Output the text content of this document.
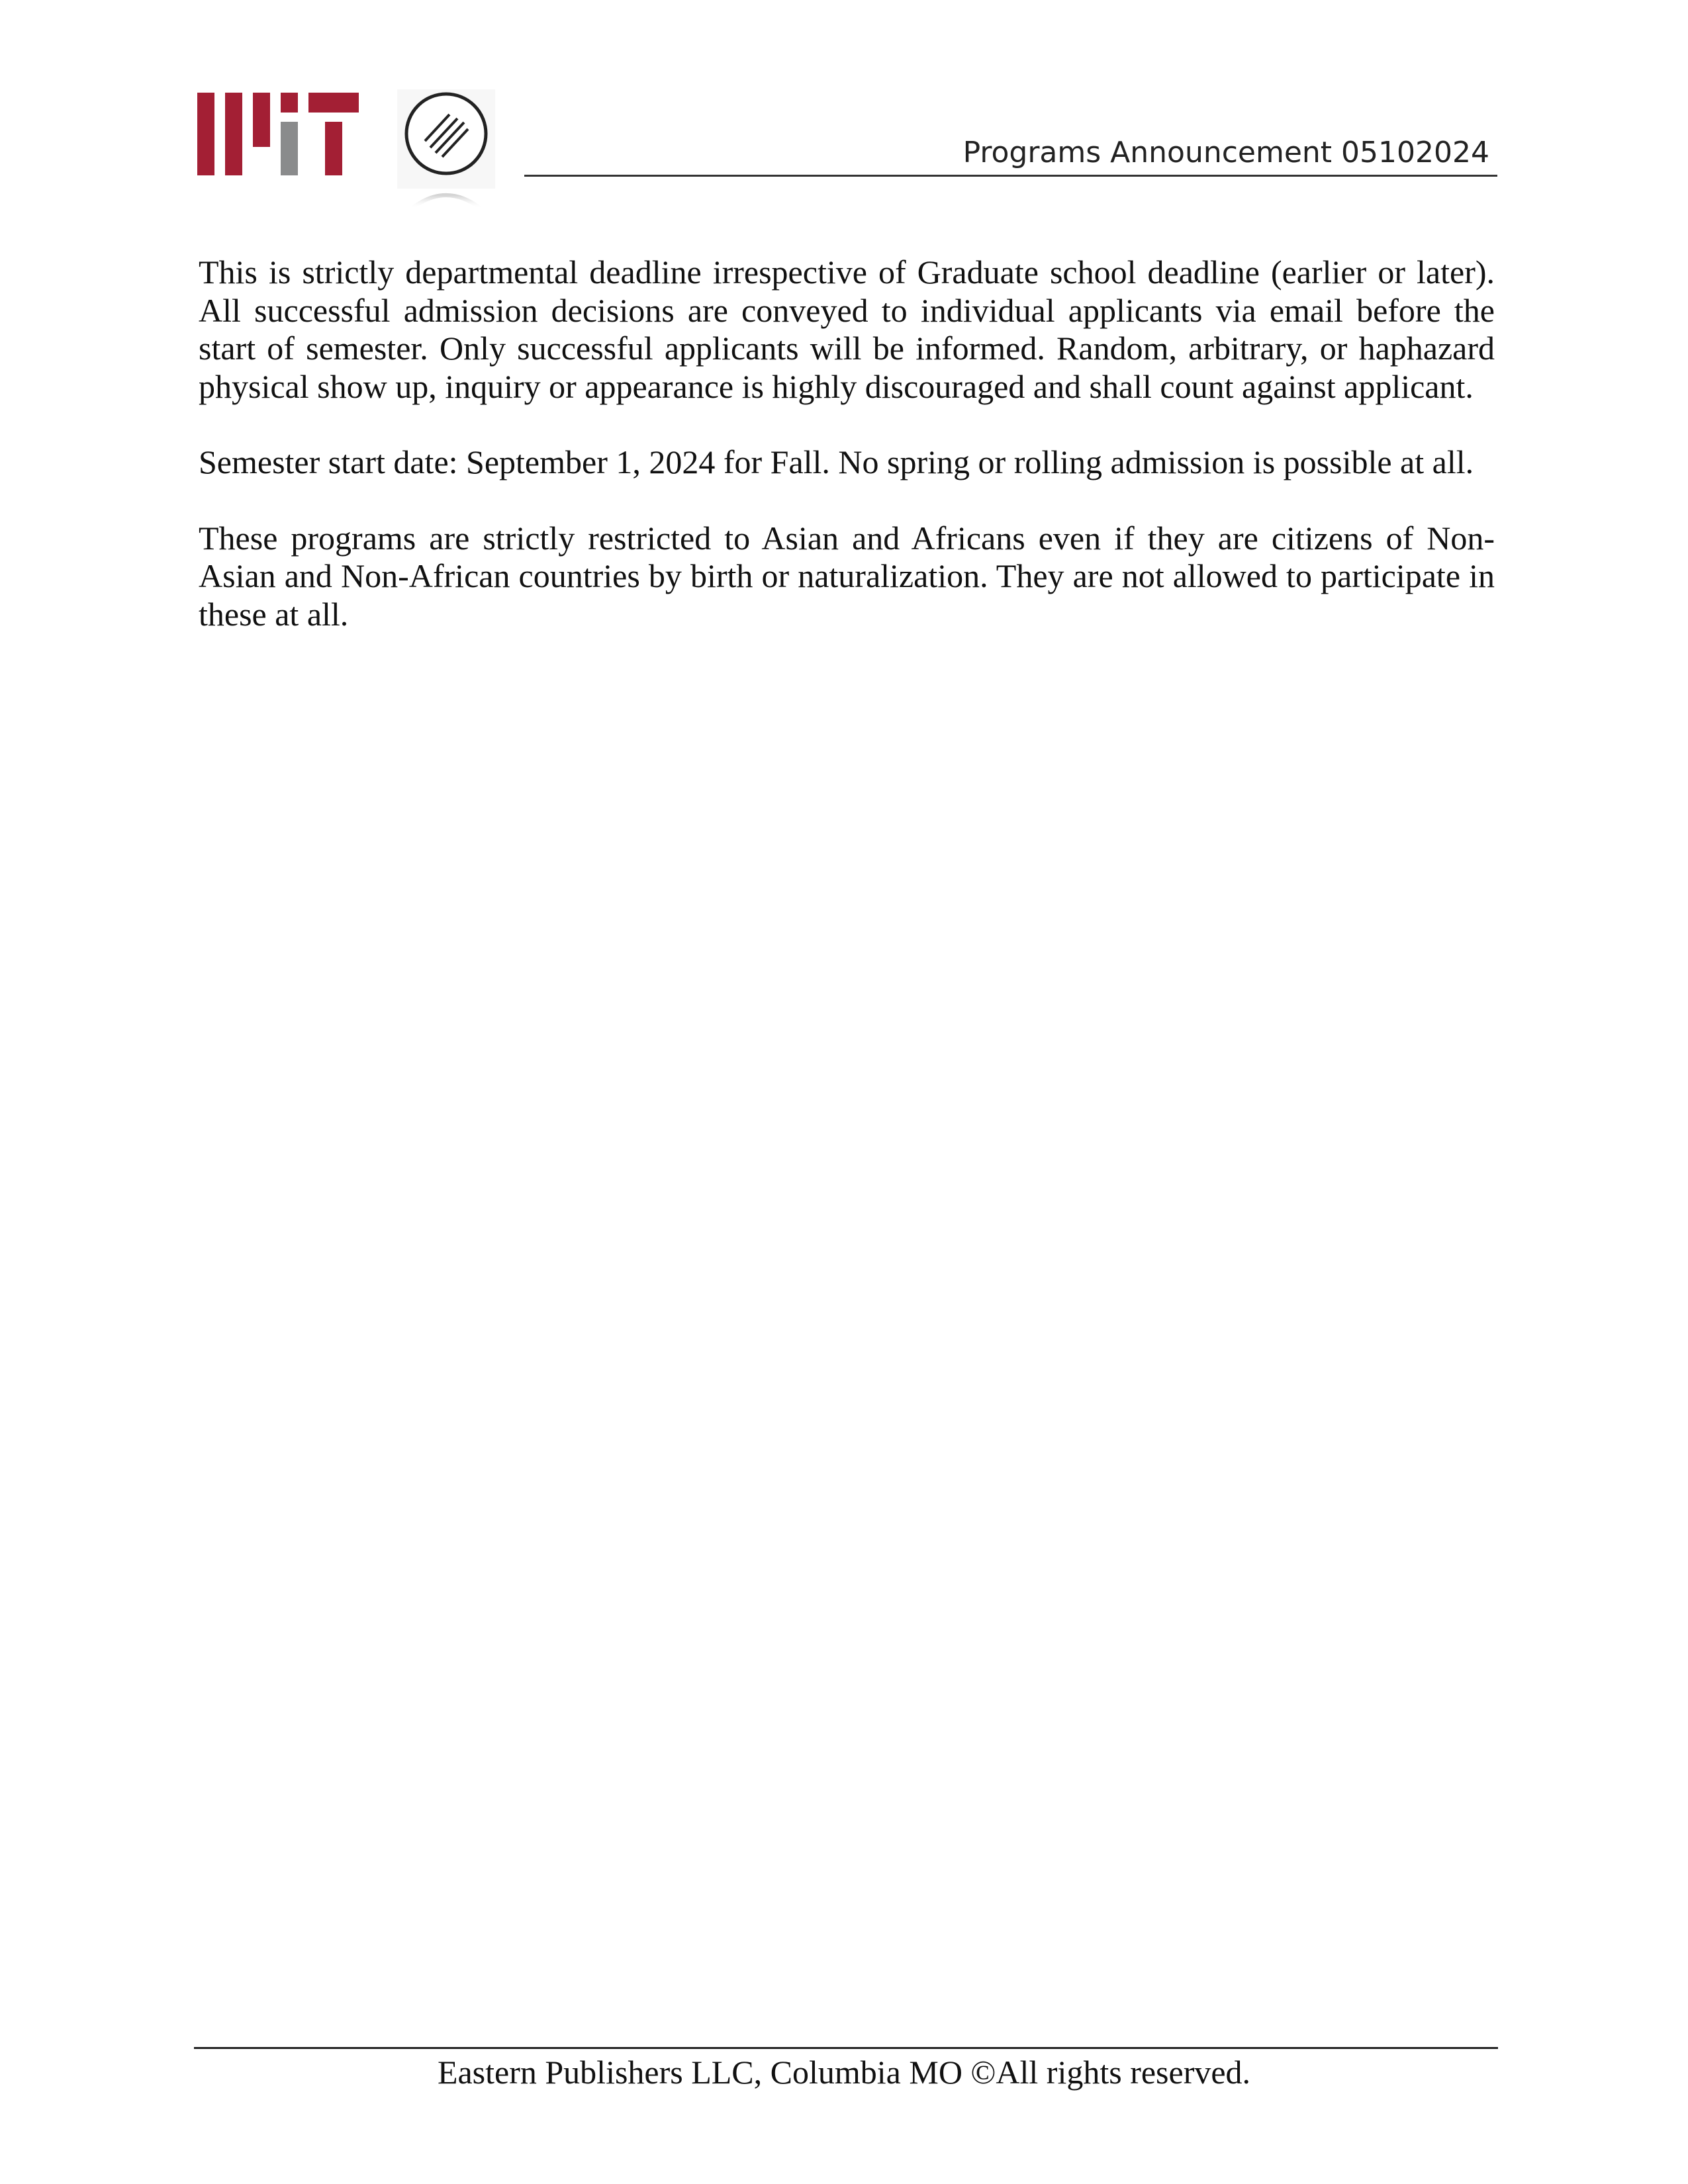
Programs Announcement 05102024

This is strictly departmental deadline irrespective of Graduate school deadline (earlier or later). All successful admission decisions are conveyed to individual applicants via email before the start of semester. Only successful applicants will be informed. Random, arbitrary, or haphazard physical show up, inquiry or appearance is highly discouraged and shall count against applicant.

Semester start date: September 1, 2024 for Fall. No spring or rolling admission is possible at all.

These programs are strictly restricted to Asian and Africans even if they are citizens of Non-Asian and Non-African countries by birth or naturalization. They are not allowed to participate in these at all.

Eastern Publishers LLC, Columbia MO ©All rights reserved.
